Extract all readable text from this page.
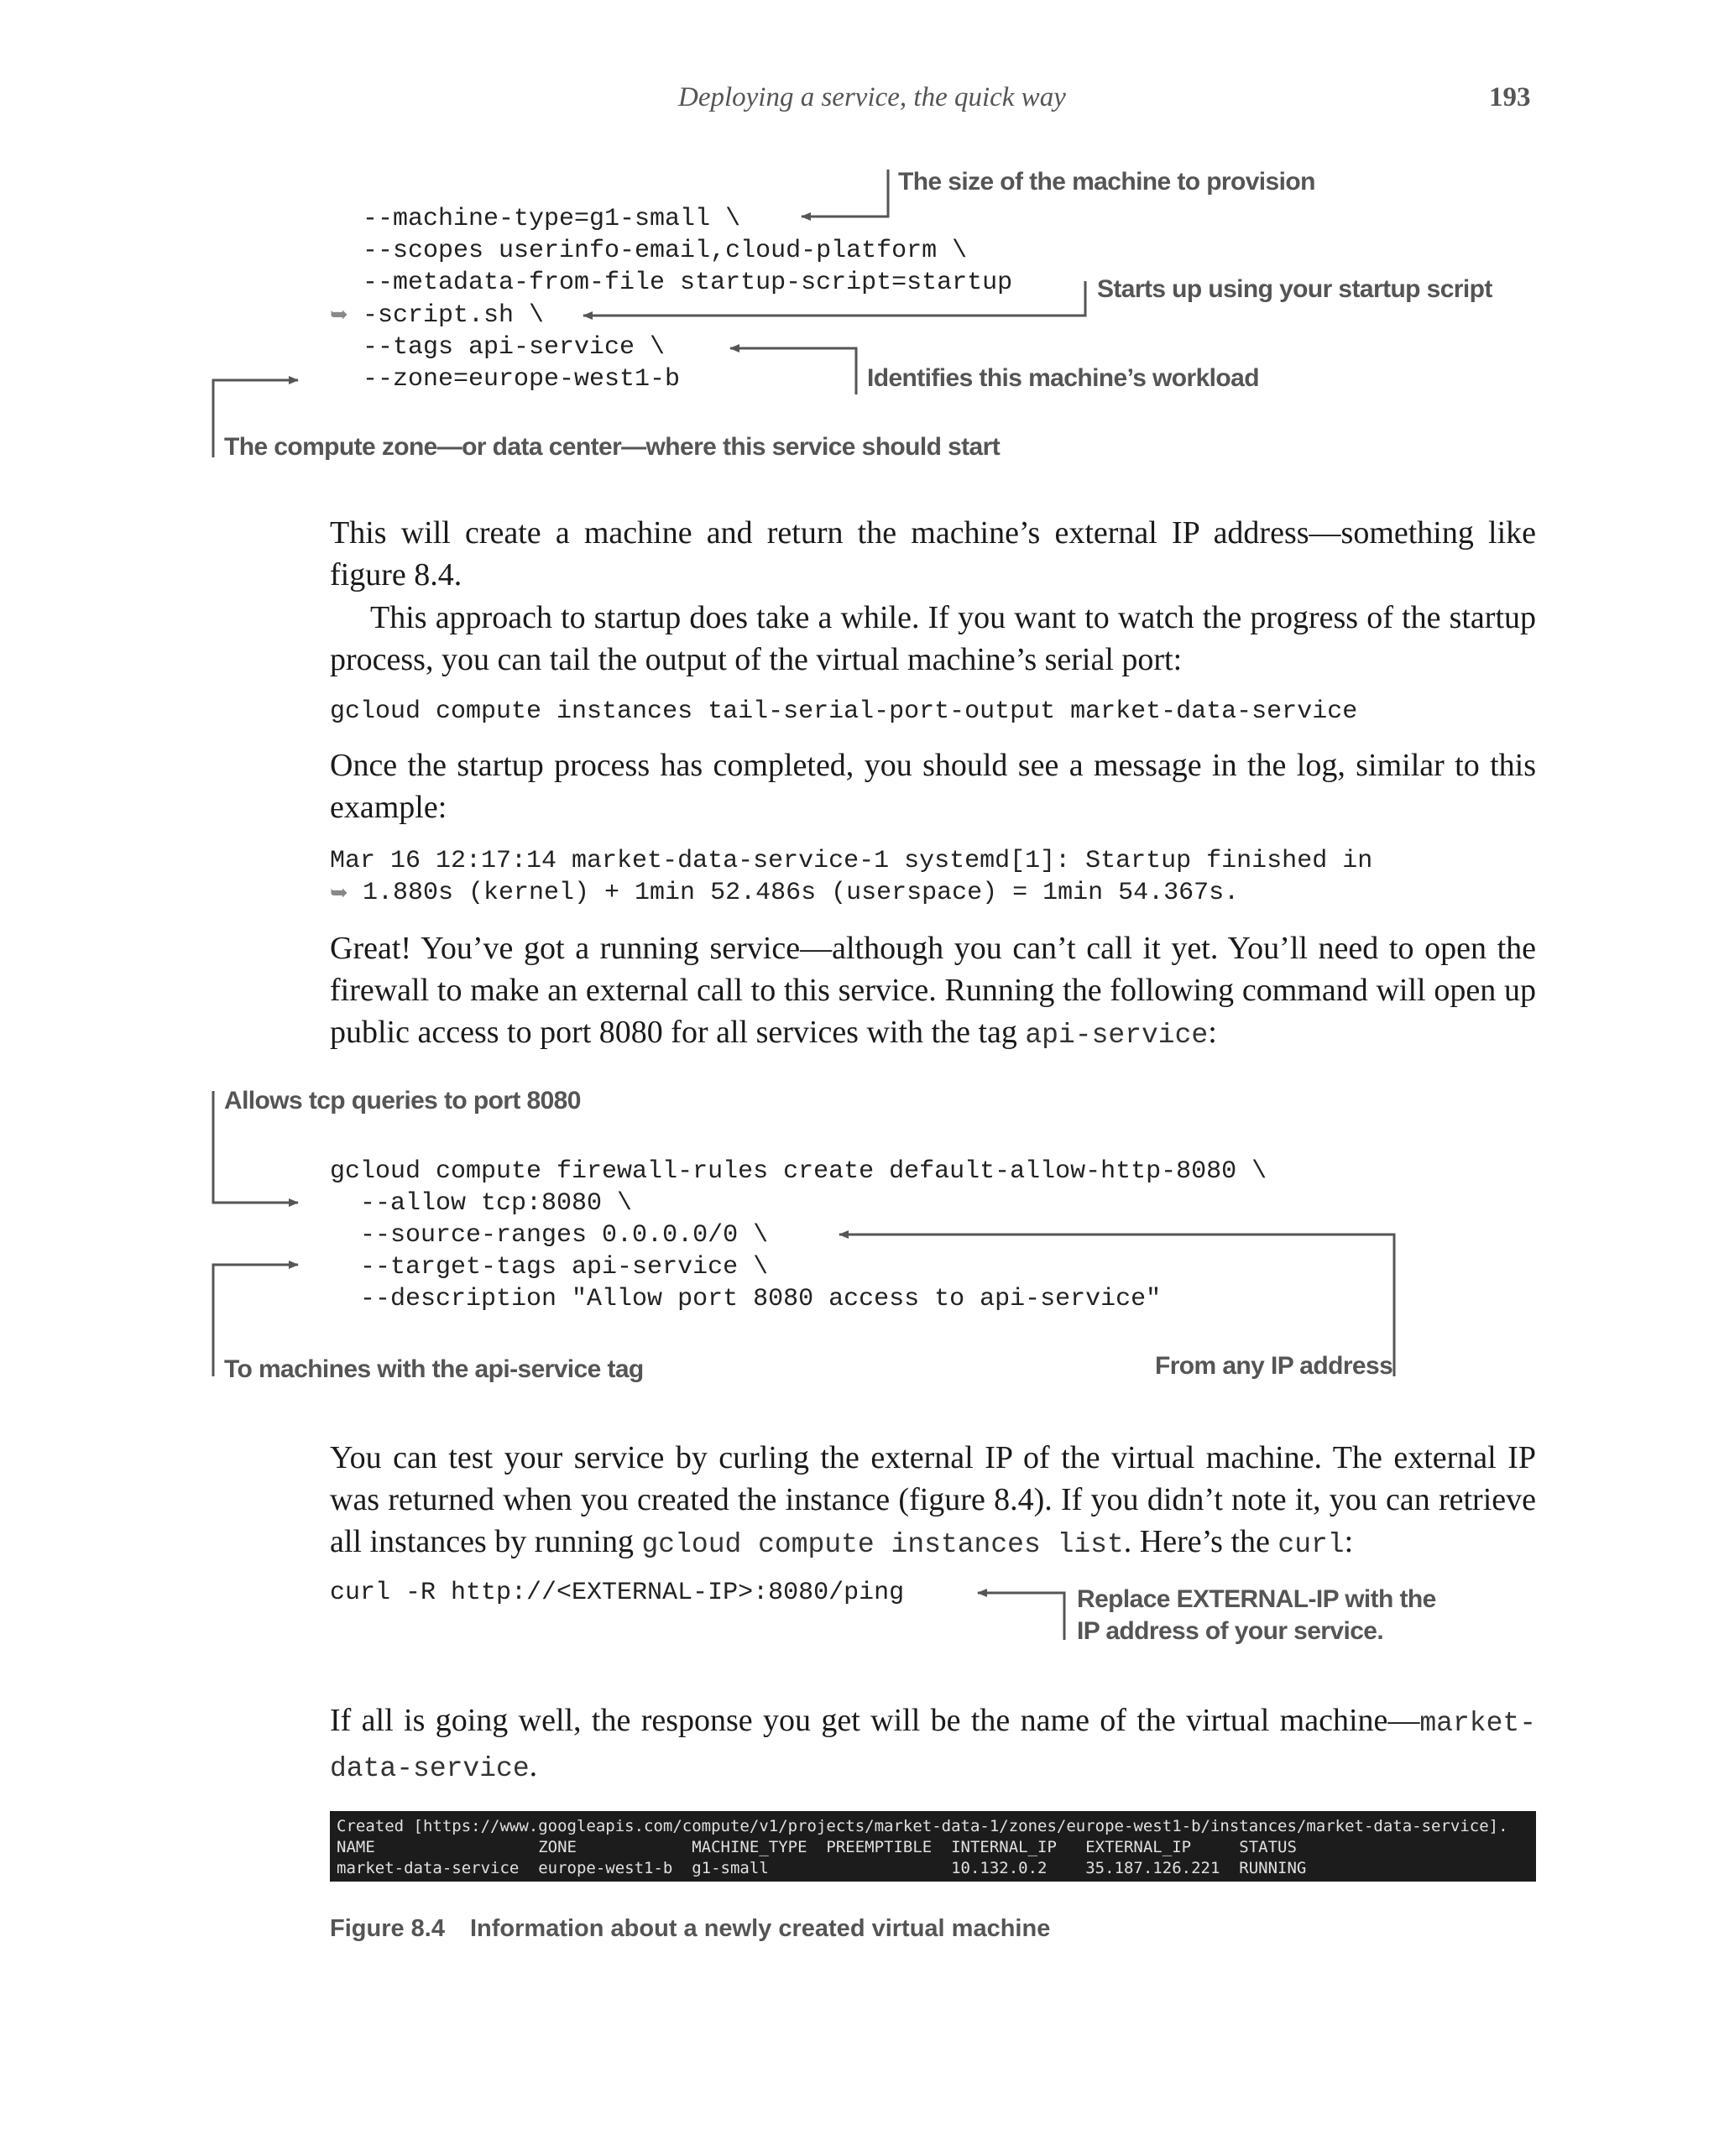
Deploying a service, the quick way	193
--machine-type=g1-small \
--scopes userinfo-email,cloud-platform \
--metadata-from-file startup-script=startup
➥ -script.sh \
--tags api-service \
--zone=europe-west1-b
The size of the machine to provision
Starts up using your startup script
Identifies this machine’s workload
The compute zone—or data center—where this service should start
This will create a machine and return the machine’s external IP address—something like figure 8.4.
This approach to startup does take a while. If you want to watch the progress of the startup process, you can tail the output of the virtual machine’s serial port:
gcloud compute instances tail-serial-port-output market-data-service
Once the startup process has completed, you should see a message in the log, similar to this example:
Mar 16 12:17:14 market-data-service-1 systemd[1]: Startup finished in
➥ 1.880s (kernel) + 1min 52.486s (userspace) = 1min 54.367s.
Great! You’ve got a running service—although you can’t call it yet. You’ll need to open the firewall to make an external call to this service. Running the following command will open up public access to port 8080 for all services with the tag api-service:
Allows tcp queries to port 8080
gcloud compute firewall-rules create default-allow-http-8080 \
--allow tcp:8080 \
--source-ranges 0.0.0.0/0 \
--target-tags api-service \
--description "Allow port 8080 access to api-service"
To machines with the api-service tag	From any IP address
You can test your service by curling the external IP of the virtual machine. The external IP was returned when you created the instance (figure 8.4). If you didn’t note it, you can retrieve all instances by running gcloud compute instances list. Here’s the curl:
curl -R http://<EXTERNAL-IP>:8080/ping	Replace EXTERNAL-IP with the
IP address of your service.
If all is going well, the response you get will be the name of the virtual machine—market-data-service.
Created [https://www.googleapis.com/compute/v1/projects/market-data-1/zones/europe-west1-b/instances/market-data-service].
NAME                 ZONE            MACHINE_TYPE  PREEMPTIBLE  INTERNAL_IP   EXTERNAL_IP     STATUS
market-data-service  europe-west1-b  g1-small                   10.132.0.2    35.187.126.221  RUNNING
Figure 8.4 Information about a newly created virtual machine
